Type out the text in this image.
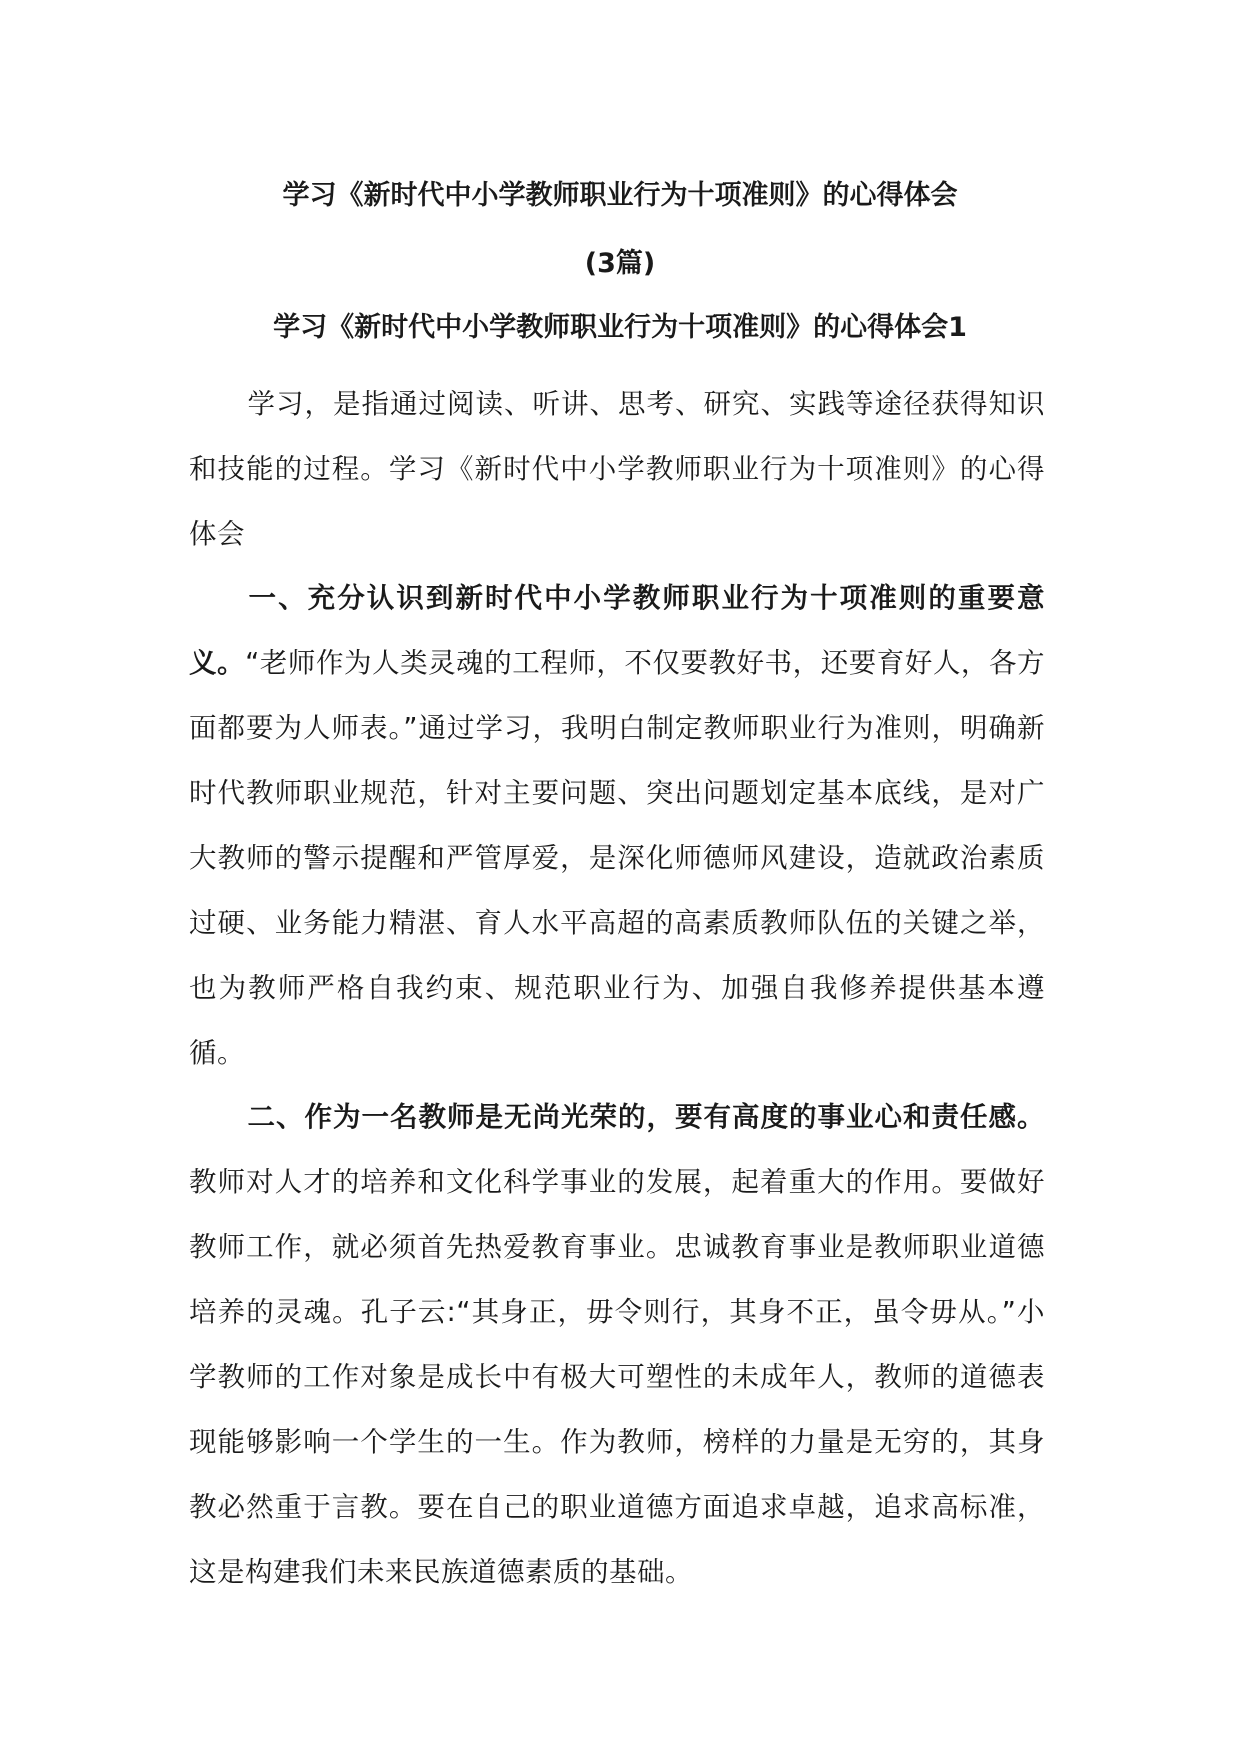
学习《新时代中小学教师职业行为十项准则》的心得体会
(3篇)
学习《新时代中小学教师职业行为十项准则》的心得体会1

学习，是指通过阅读、听讲、思考、研究、实践等途径获得知识和技能的过程。学习《新时代中小学教师职业行为十项准则》的心得体会

一、充分认识到新时代中小学教师职业行为十项准则的重要意义。“老师作为人类灵魂的工程师，不仅要教好书，还要育好人，各方面都要为人师表。”通过学习，我明白制定教师职业行为准则，明确新时代教师职业规范，针对主要问题、突出问题划定基本底线，是对广大教师的警示提醒和严管厚爱，是深化师德师风建设，造就政治素质过硬、业务能力精湛、育人水平高超的高素质教师队伍的关键之举，也为教师严格自我约束、规范职业行为、加强自我修养提供基本遵循。

二、作为一名教师是无尚光荣的，要有高度的事业心和责任感。教师对人才的培养和文化科学事业的发展，起着重大的作用。要做好教师工作，就必须首先热爱教育事业。忠诚教育事业是教师职业道德培养的灵魂。孔子云:“其身正，毋令则行，其身不正，虽令毋从。”小学教师的工作对象是成长中有极大可塑性的未成年人，教师的道德表现能够影响一个学生的一生。作为教师，榜样的力量是无穷的，其身教必然重于言教。要在自己的职业道德方面追求卓越，追求高标准，这是构建我们未来民族道德素质的基础。
